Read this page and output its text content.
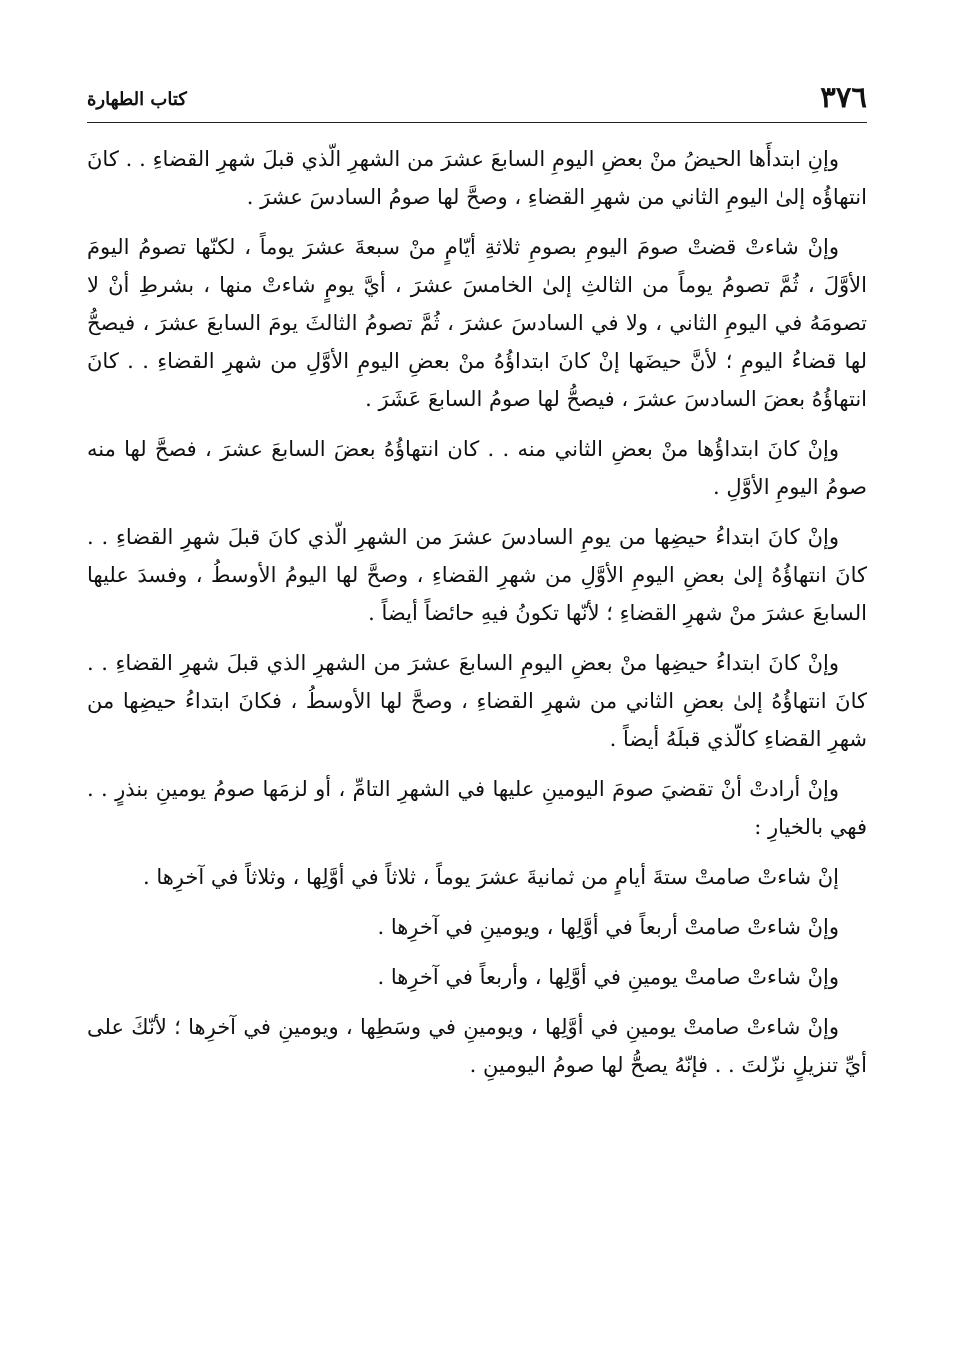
٣٧٦
كتاب الطهارة

وإنِ ابتدأَها الحيضُ منْ بعضِ اليومِ السابعَ عشرَ من الشهرِ الّذي قبلَ شهرِ القضاءِ . . كانَ انتهاؤُه إلىٰ اليومِ الثاني من شهرِ القضاءِ ، وصحَّ لها صومُ السادسَ عشرَ .

وإنْ شاءتْ قضتْ صومَ اليومِ بصومِ ثلاثةِ أيّامٍ منْ سبعةَ عشرَ يوماً ، لكنّها تصومُ اليومَ الأوَّلَ ، ثُمَّ تصومُ يوماً من الثالثِ إلىٰ الخامسَ عشرَ ، أيَّ يومٍ شاءتْ منها ، بشرطِ أنْ لا تصومَهُ في اليومِ الثاني ، ولا في السادسَ عشرَ ، ثُمَّ تصومُ الثالثَ يومَ السابعَ عشرَ ، فيصحُّ لها قضاءُ اليومِ ؛ لأنَّ حيضَها إنْ كانَ ابتداؤُهُ منْ بعضِ اليومِ الأوَّلِ من شهرِ القضاءِ . . كانَ انتهاؤُهُ بعضَ السادسَ عشرَ ، فيصحُّ لها صومُ السابعَ عَشَرَ .

وإنْ كانَ ابتداؤُها منْ بعضِ الثاني منه . . كان انتهاؤُهُ بعضَ السابعَ عشرَ ، فصحَّ لها منه صومُ اليومِ الأوَّلِ .

وإنْ كانَ ابتداءُ حيضِها من يومِ السادسَ عشرَ من الشهرِ الّذي كانَ قبلَ شهرِ القضاءِ . . كانَ انتهاؤُهُ إلىٰ بعضِ اليومِ الأوَّلِ من شهرِ القضاءِ ، وصحَّ لها اليومُ الأوسطُ ، وفسدَ عليها السابعَ عشرَ منْ شهرِ القضاءِ ؛ لأنّها تكونُ فيهِ حائضاً أيضاً .

وإنْ كانَ ابتداءُ حيضِها منْ بعضِ اليومِ السابعَ عشرَ من الشهرِ الذي قبلَ شهرِ القضاءِ . . كانَ انتهاؤُهُ إلىٰ بعضِ الثاني من شهرِ القضاءِ ، وصحَّ لها الأوسطُ ، فكانَ ابتداءُ حيضِها من شهرِ القضاءِ كالّذي قبلَهُ أيضاً .

وإنْ أرادتْ أنْ تقضيَ صومَ اليومينِ عليها في الشهرِ التامِّ ، أو لزمَها صومُ يومينِ بنذرٍ . . فهي بالخيارِ :

إنْ شاءتْ صامتْ ستةَ أيامٍ من ثمانيةَ عشرَ يوماً ، ثلاثاً في أوَّلِها ، وثلاثاً في آخرِها .

وإنْ شاءتْ صامتْ أربعاً في أوَّلِها ، ويومينِ في آخرِها .

وإنْ شاءتْ صامتْ يومينِ في أوَّلِها ، وأربعاً في آخرِها .

وإنْ شاءتْ صامتْ يومينِ في أوَّلِها ، ويومينِ في وسَطِها ، ويومينِ في آخرِها ؛ لأنّكَ على أيِّ تنزيلٍ نزّلتَ . . فإنّهُ يصحُّ لها صومُ اليومينِ .
